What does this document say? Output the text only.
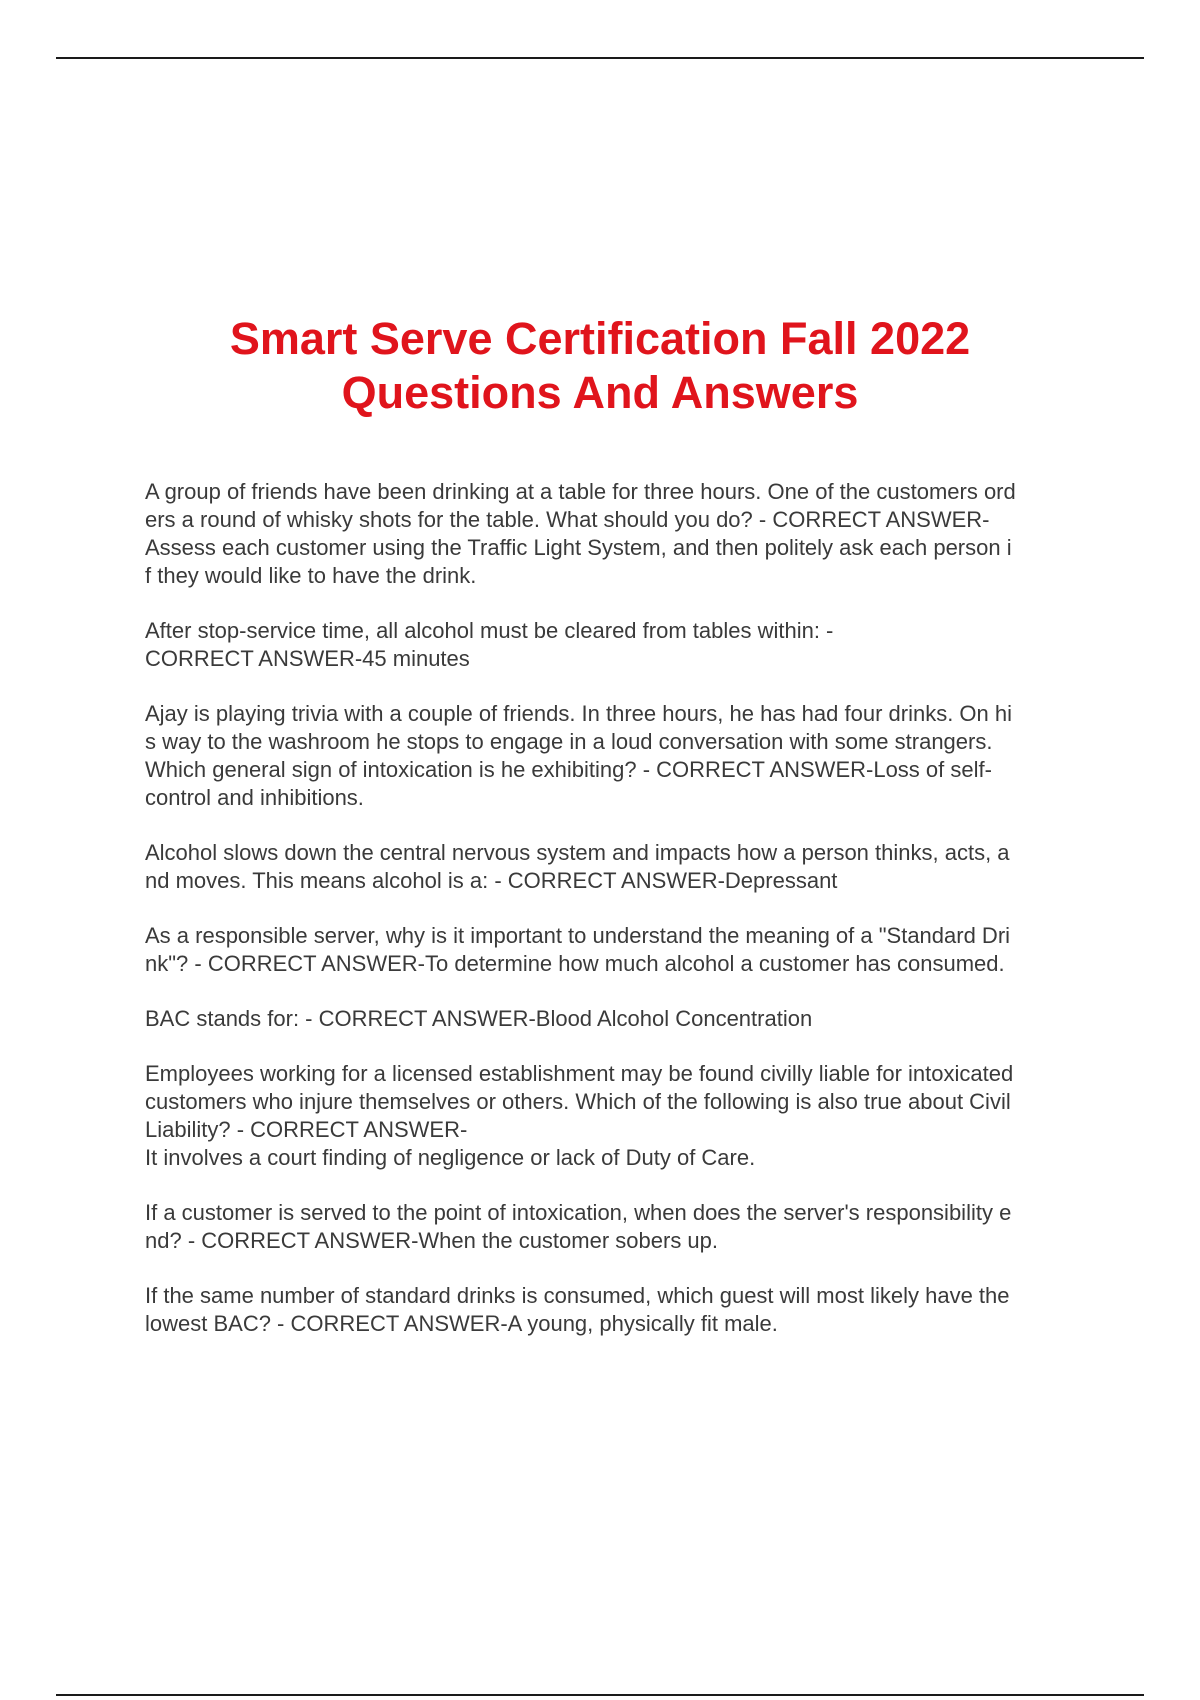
Smart Serve Certification Fall 2022
Questions And Answers

A group of friends have been drinking at a table for three hours. One of the customers ord
ers a round of whisky shots for the table. What should you do? - CORRECT ANSWER-
Assess each customer using the Traffic Light System, and then politely ask each person i
f they would like to have the drink.

After stop-service time, all alcohol must be cleared from tables within: -
CORRECT ANSWER-45 minutes

Ajay is playing trivia with a couple of friends. In three hours, he has had four drinks. On hi
s way to the washroom he stops to engage in a loud conversation with some strangers.
Which general sign of intoxication is he exhibiting? - CORRECT ANSWER-Loss of self-
control and inhibitions.

Alcohol slows down the central nervous system and impacts how a person thinks, acts, a
nd moves. This means alcohol is a: - CORRECT ANSWER-Depressant

As a responsible server, why is it important to understand the meaning of a "Standard Dri
nk"? - CORRECT ANSWER-To determine how much alcohol a customer has consumed.

BAC stands for: - CORRECT ANSWER-Blood Alcohol Concentration

Employees working for a licensed establishment may be found civilly liable for intoxicated
customers who injure themselves or others. Which of the following is also true about Civil
Liability? - CORRECT ANSWER-
It involves a court finding of negligence or lack of Duty of Care.

If a customer is served to the point of intoxication, when does the server's responsibility e
nd? - CORRECT ANSWER-When the customer sobers up.

If the same number of standard drinks is consumed, which guest will most likely have the
lowest BAC? - CORRECT ANSWER-A young, physically fit male.
